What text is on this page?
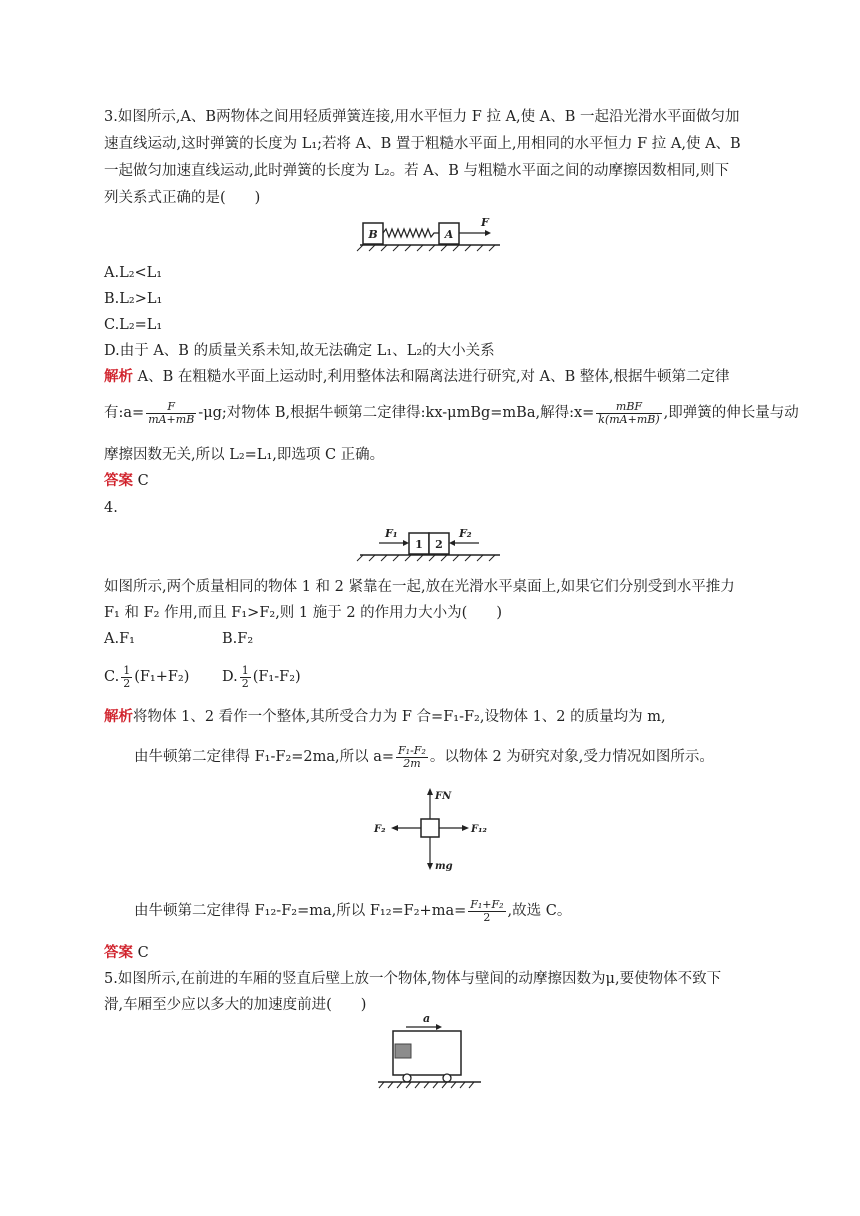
3.如图所示,A、B两物体之间用轻质弹簧连接,用水平恒力 F 拉 A,使 A、B 一起沿光滑水平面做匀加
速直线运动,这时弹簧的长度为 L₁;若将 A、B 置于粗糙水平面上,用相同的水平恒力 F 拉 A,使 A、B
一起做匀加速直线运动,此时弹簧的长度为 L₂。若 A、B 与粗糙水平面之间的动摩擦因数相同,则下
列关系式正确的是(　　)
B	A
F
A.L₂<L₁
B.L₂>L₁
C.L₂=L₁
D.由于 A、B 的质量关系未知,故无法确定 L₁、L₂的大小关系
解析 A、B 在粗糙水平面上运动时,利用整体法和隔离法进行研究,对 A、B 整体,根据牛顿第二定律
有:a= $\frac{F}{mA+mB} -\mu g$;对物体 B,根据牛顿第二定律得:kx-μmBg=mBa,解得:x= $\frac{\text{mBF}}{k(mA+mB)}$ ,即弹簧的伸长量与动
摩擦因数无关,所以 L₂=L₁,即选项 C 正确。
答案 C
4.
F₁
1 2
F₂
如图所示,两个质量相同的物体 1 和 2 紧靠在一起,放在光滑水平桌面上,如果它们分别受到水平推力
F₁ 和 F₂ 作用,而且 F₁>F₂,则 1 施于 2 的作用力大小为(　　)
A.F₁	B.F₂
C. $\frac{1}{2} (F_1+F_2)$ D. $\frac{1}{2} (F_1-F_2)$
解析将物体 1、2 看作一个整体,其所受合力为 F 合=F₁-F₂,设物体 1、2 的质量均为 m,
由牛顿第二定律得 F₁-F₂=2ma,所以 $a= \frac{\text{F₁-F₂}}{2m}$ 。以物体 2 为研究对象,受力情况如图所示。
FN
F₂	F₁₂
mg
由牛顿第二定律得 F₁₂-F₂=ma,所以 $F_{12}=F_2+ma= \frac{\text{F₁+F₂}}{2}$ ,故选 C。
答案 C
5.如图所示,在前进的车厢的竖直后壁上放一个物体,物体与壁间的动摩擦因数为μ,要使物体不致下
滑,车厢至少应以多大的加速度前进(　　)
a
